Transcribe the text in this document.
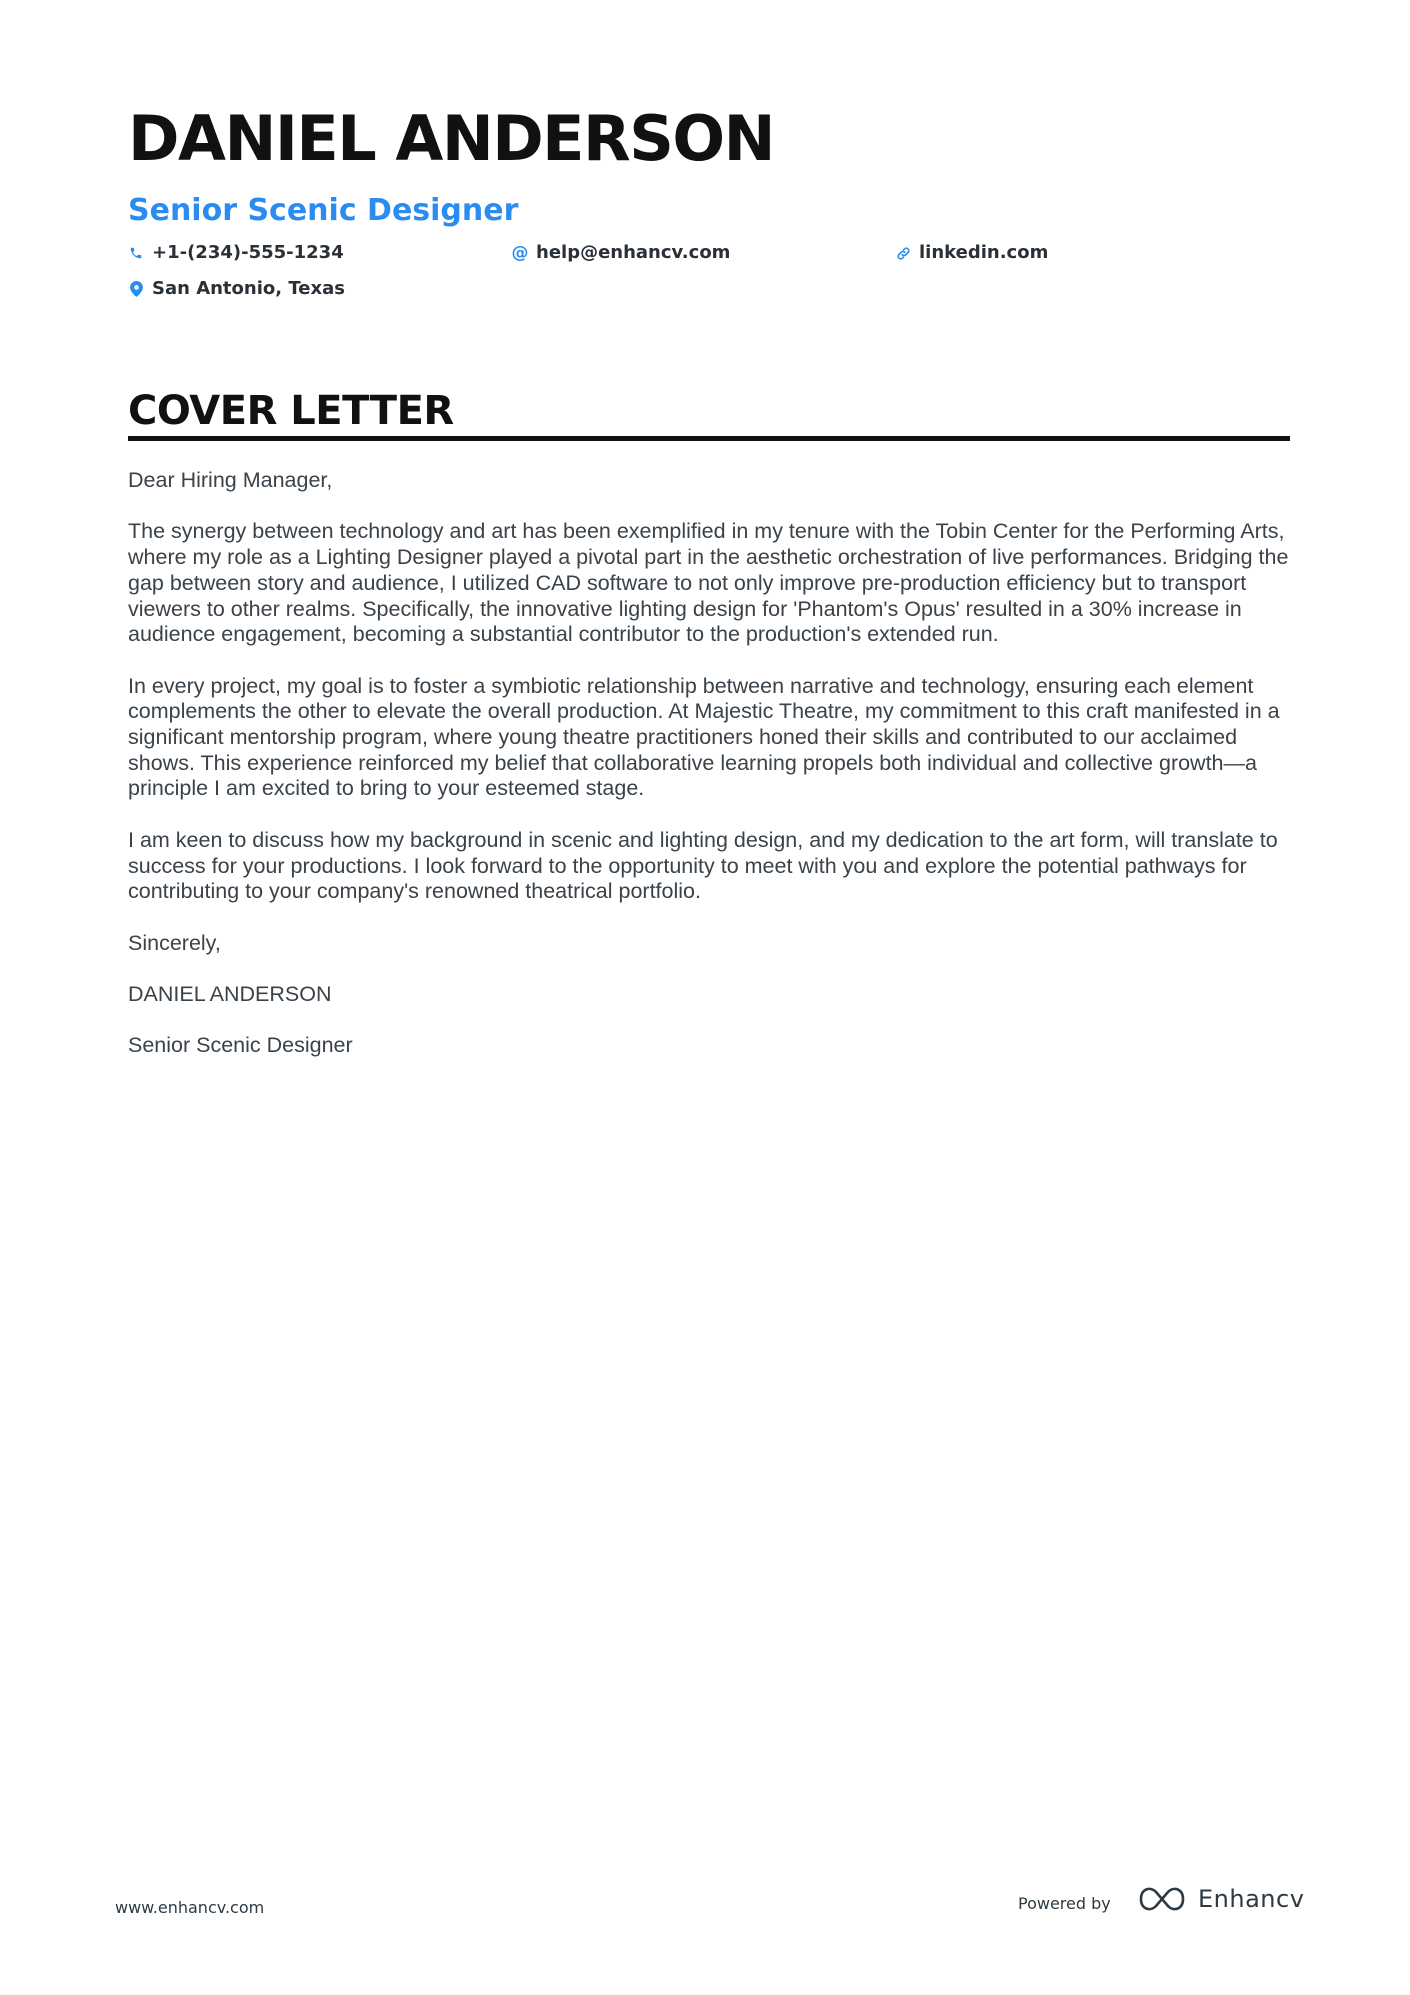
DANIEL ANDERSON
Senior Scenic Designer
+1-(234)-555-1234	@ help@enhancv.com	linkedin.com
San Antonio, Texas
COVER LETTER

Dear Hiring Manager,

The synergy between technology and art has been exemplified in my tenure with the Tobin Center for the Performing Arts, where my role as a Lighting Designer played a pivotal part in the aesthetic orchestration of live performances. Bridging the gap between story and audience, I utilized CAD software to not only improve pre-production efficiency but to transport viewers to other realms. Specifically, the innovative lighting design for 'Phantom's Opus' resulted in a 30% increase in audience engagement, becoming a substantial contributor to the production's extended run.

In every project, my goal is to foster a symbiotic relationship between narrative and technology, ensuring each element complements the other to elevate the overall production. At Majestic Theatre, my commitment to this craft manifested in a significant mentorship program, where young theatre practitioners honed their skills and contributed to our acclaimed shows. This experience reinforced my belief that collaborative learning propels both individual and collective growth—a principle I am excited to bring to your esteemed stage.

I am keen to discuss how my background in scenic and lighting design, and my dedication to the art form, will translate to success for your productions. I look forward to the opportunity to meet with you and explore the potential pathways for contributing to your company's renowned theatrical portfolio.

Sincerely,

DANIEL ANDERSON

Senior Scenic Designer

www.enhancv.com	Powered by	Enhancv
